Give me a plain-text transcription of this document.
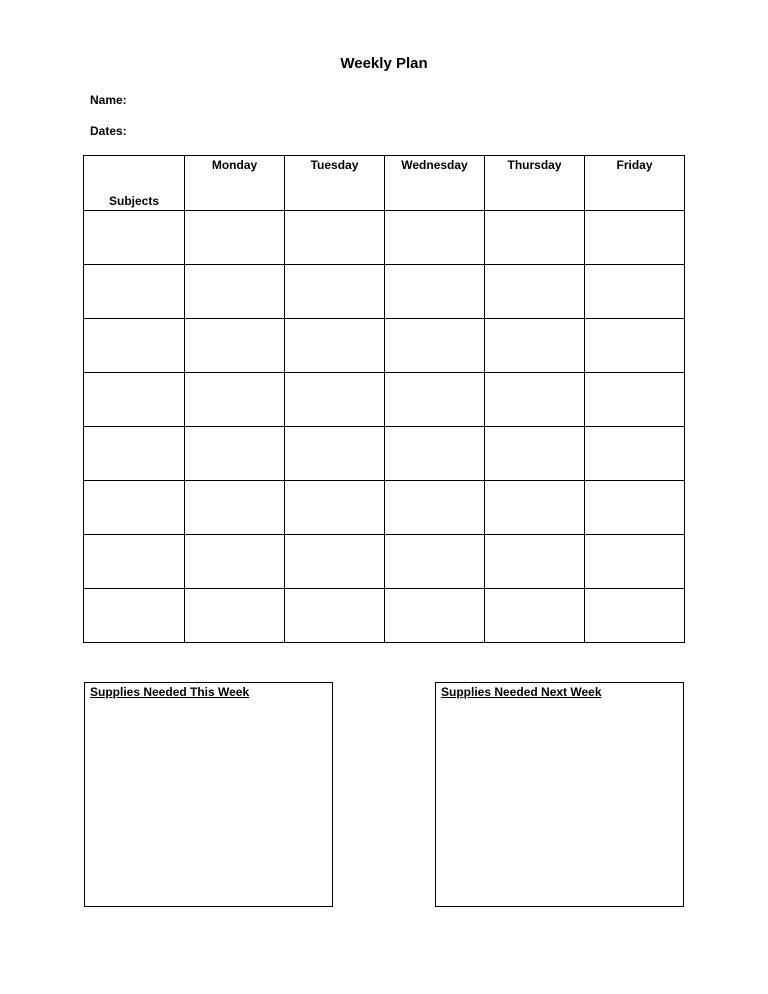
Weekly Plan
Name:
Dates:
Subjects	Monday	Tuesday	Wednesday	Thursday	Friday

Supplies Needed This Week	Supplies Needed Next Week
